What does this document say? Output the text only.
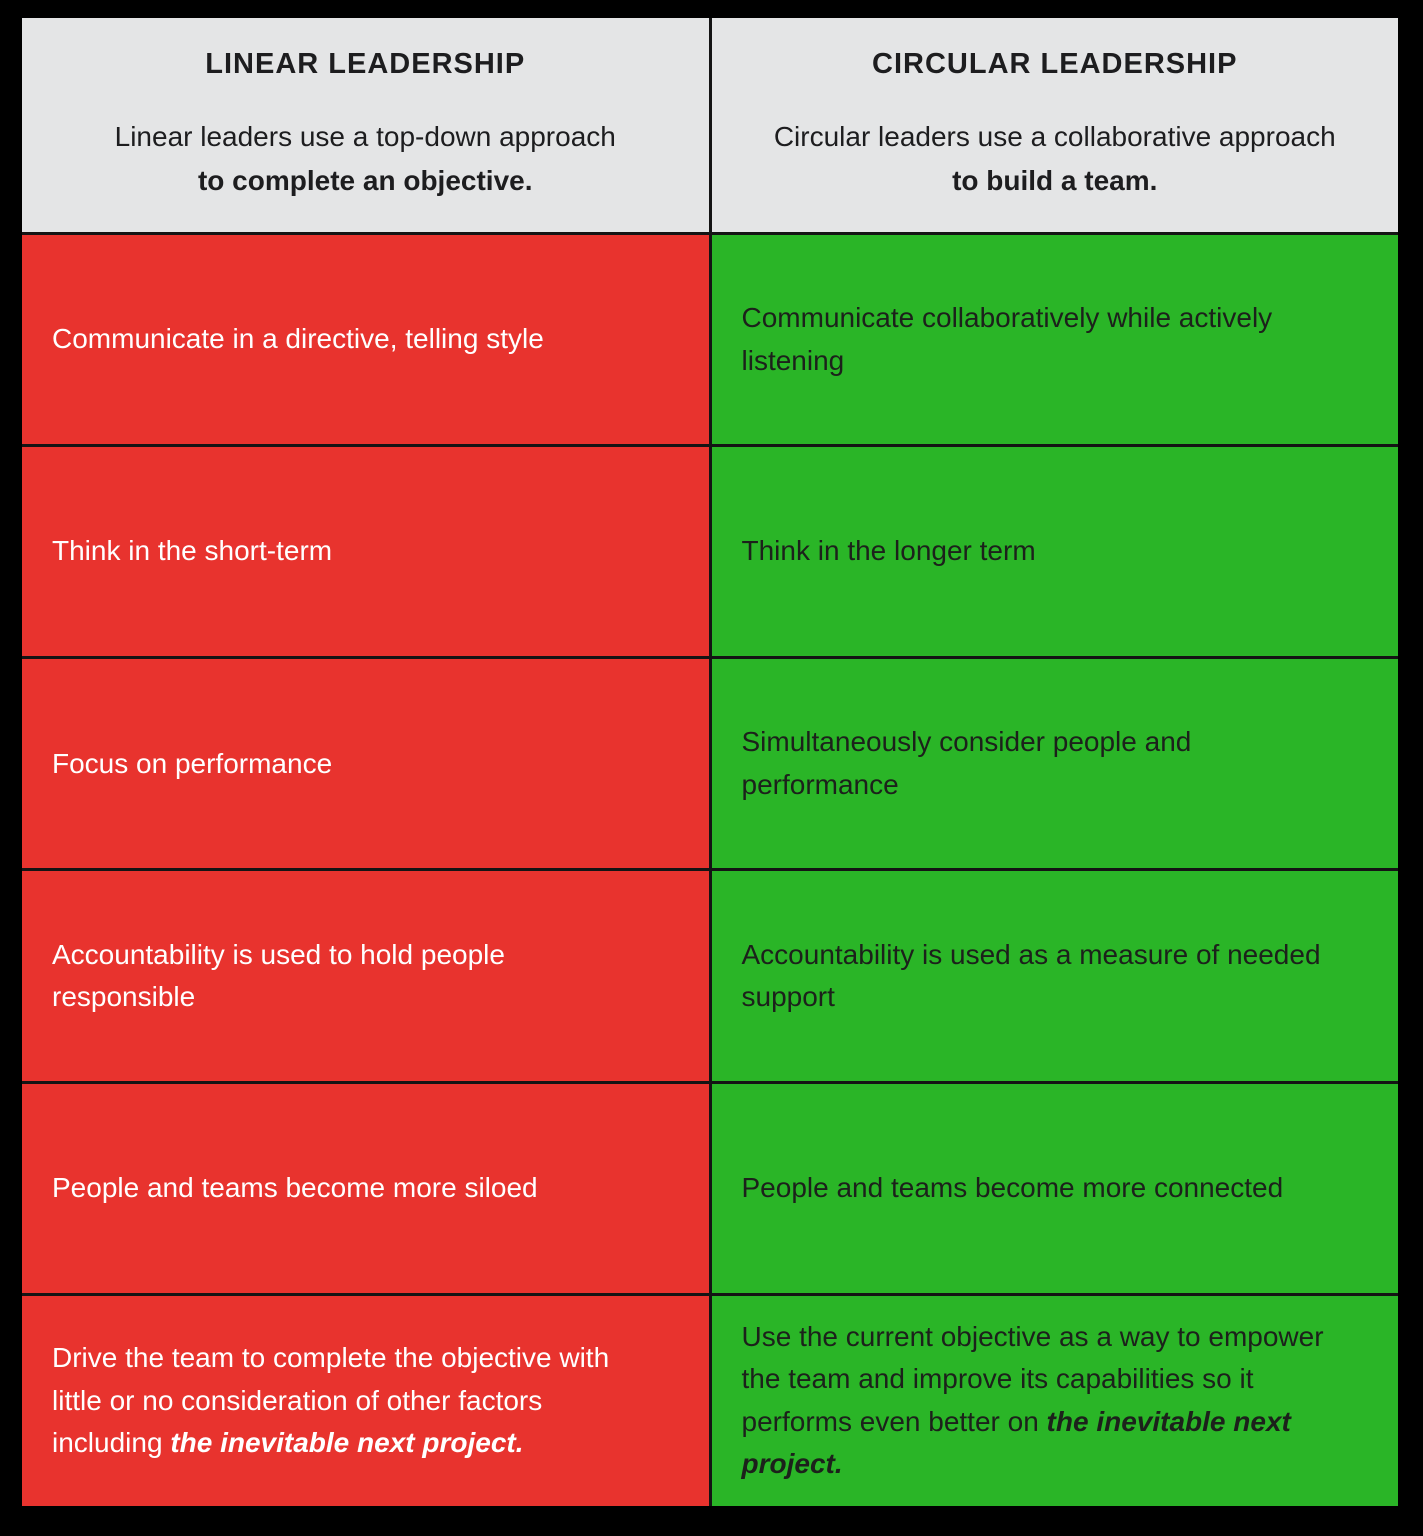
LINEAR LEADERSHIP
Linear leaders use a top-down approach
to complete an objective.
CIRCULAR LEADERSHIP
Circular leaders use a collaborative approach
to build a team.

Communicate in a directive, telling style

Communicate collaboratively while actively listening

Think in the short-term	Think in the longer term

Focus on performance

Simultaneously consider people and performance

Accountability is used to hold people responsible

Accountability is used as a measure of needed support

People and teams become more siloed	People and teams become more connected

Drive the team to complete the objective with little or no consideration of other factors including the inevitable next project.

Use the current objective as a way to empower the team and improve its capabilities so it performs even better on the inevitable next project.
